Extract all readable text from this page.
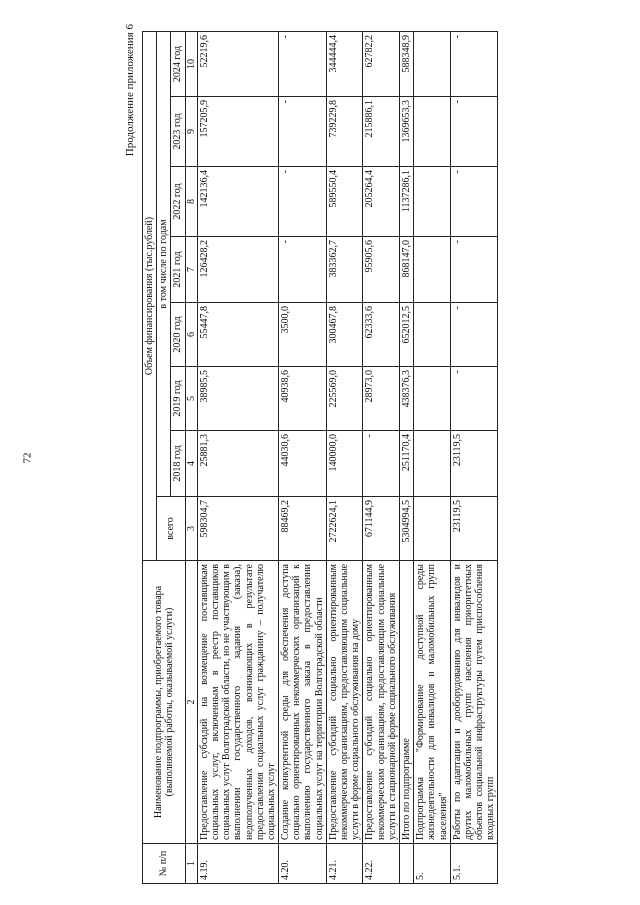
72
Продолжение приложения 6
№ п/п	Наименование подпрограммы, приобретаемого товара (выполняемой работы, оказываемой услуги)	Объем финансирования (тыс.рублей)							
		всего	в том числе по годам						
			2018 год	2019 год	2020 год	2021 год	2022 год	2023 год	2024 год
1	2	3	4	5	6	7	8	9	10
4.19.	Предоставление субсидий на возмещение поставщикам социальных услуг, включенным в реестр поставщиков социальных услуг Волгоградской области, но не участвующим в выполнении государственного задания (заказа), недополученных доходов, возникающих в результате предоставления социальных услуг гражданину – получателю социальных услуг	598304,7	25881,3	38985,5	55447,8	126428,2	142136,4	157205,9	52219,6
4.20.	Создание конкурентной среды для обеспечения доступа социально ориентированных некоммерческих организаций к выполнению государственного заказа в предоставлении социальных услуг на территории Волгоградской области	88469,2	44030,6	40938,6	3500,0	-	-	-	-
4.21.	Предоставление субсидий социально ориентированным некоммерческим организациям, предоставляющим социальные услуги в форме социального обслуживания на дому	2722624,1	140000,0	225569,0	300467,8	383362,7	589550,4	739229,8	344444,4
4.22.	Предоставление субсидий социально ориентированным некоммерческим организациям, предоставляющим социальные услуги в стационарной форме социального обслуживания	671144,9	-	28973,0	62333,6	95905,6	205264,4	215886,1	62782,2
	Итого по подпрограмме	5304994,5	251170,4	438376,3	652012,5	868147,0	1137286,1	1369653,3	588348,9
5.	Подпрограмма "Формирование доступной среды жизнедеятельности для инвалидов и маломобильных групп населения"								
5.1.	Работы по адаптации и дооборудованию для инвалидов и других маломобильных групп населения приоритетных объектов социальной инфраструктуры путем приспособления входных групп	23119,5	23119,5	-	-	-	-	-	-
